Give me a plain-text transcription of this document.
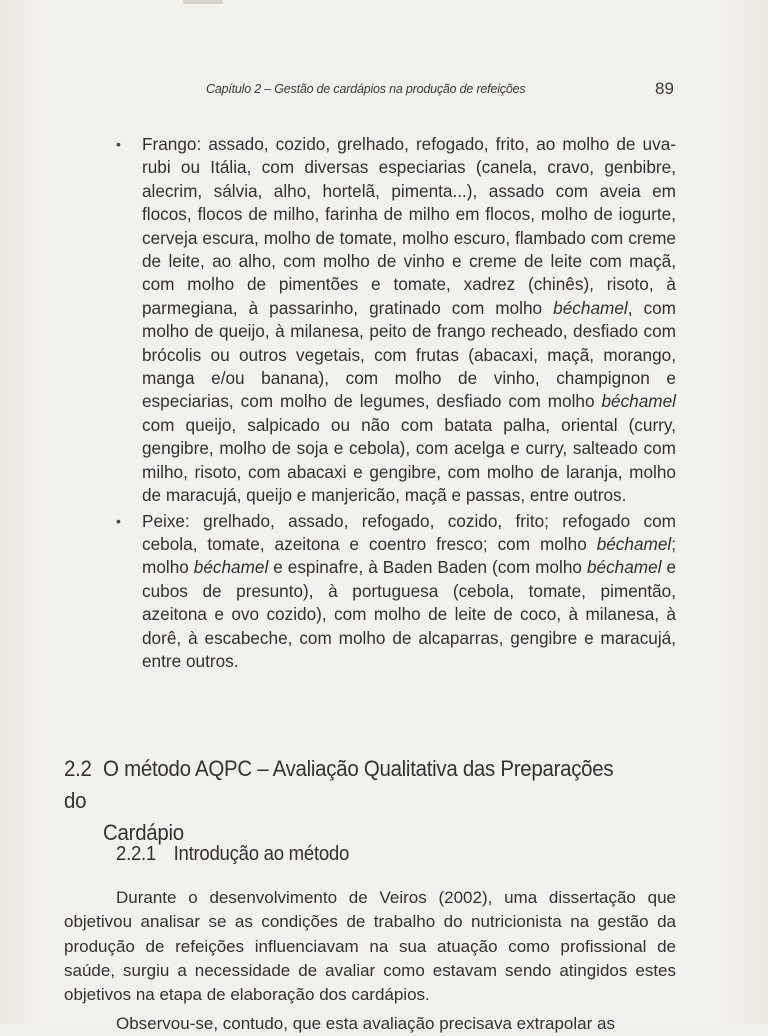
Capítulo 2 – Gestão de cardápios na produção de refeições	89
• Frango: assado, cozido, grelhado, refogado, frito, ao molho de uva-rubi ou Itália, com diversas especiarias (canela, cravo, genbibre, alecrim, sálvia, alho, hortelã, pimenta...), assado com aveia em flocos, flocos de milho, farinha de milho em flocos, molho de iogurte, cerveja escura, molho de tomate, molho escuro, flambado com creme de leite, ao alho, com molho de vinho e creme de leite com maçã, com molho de pimentões e tomate, xadrez (chinês), risoto, à parmegiana, à passarinho, gratinado com molho béchamel, com molho de queijo, à milanesa, peito de frango recheado, desfiado com brócolis ou outros vegetais, com frutas (abacaxi, maçã, morango, manga e/ou banana), com molho de vinho, champignon e especiarias, com molho de legumes, desfiado com molho béchamel com queijo, salpicado ou não com batata palha, oriental (curry, gengibre, molho de soja e cebola), com acelga e curry, salteado com milho, risoto, com abacaxi e gengibre, com molho de laranja, molho de maracujá, queijo e manjericão, maçã e passas, entre outros.
• Peixe: grelhado, assado, refogado, cozido, frito; refogado com cebola, tomate, azeitona e coentro fresco; com molho béchamel; molho béchamel e espinafre, à Baden Baden (com molho béchamel e cubos de presunto), à portuguesa (cebola, tomate, pimentão, azeitona e ovo cozido), com molho de leite de coco, à milanesa, à dorê, à escabeche, com molho de alcaparras, gengibre e maracujá, entre outros.
2.2 O método AQPC – Avaliação Qualitativa das Preparações do
Cardápio
2.2.1 Introdução ao método

Durante o desenvolvimento de Veiros (2002), uma dissertação que objetivou analisar se as condições de trabalho do nutricionista na gestão da produção de refeições influenciavam na sua atuação como profissional de saúde, surgiu a necessidade de avaliar como estavam sendo atingidos estes objetivos na etapa de elaboração dos cardápios.

Observou-se, contudo, que esta avaliação precisava extrapolar as
